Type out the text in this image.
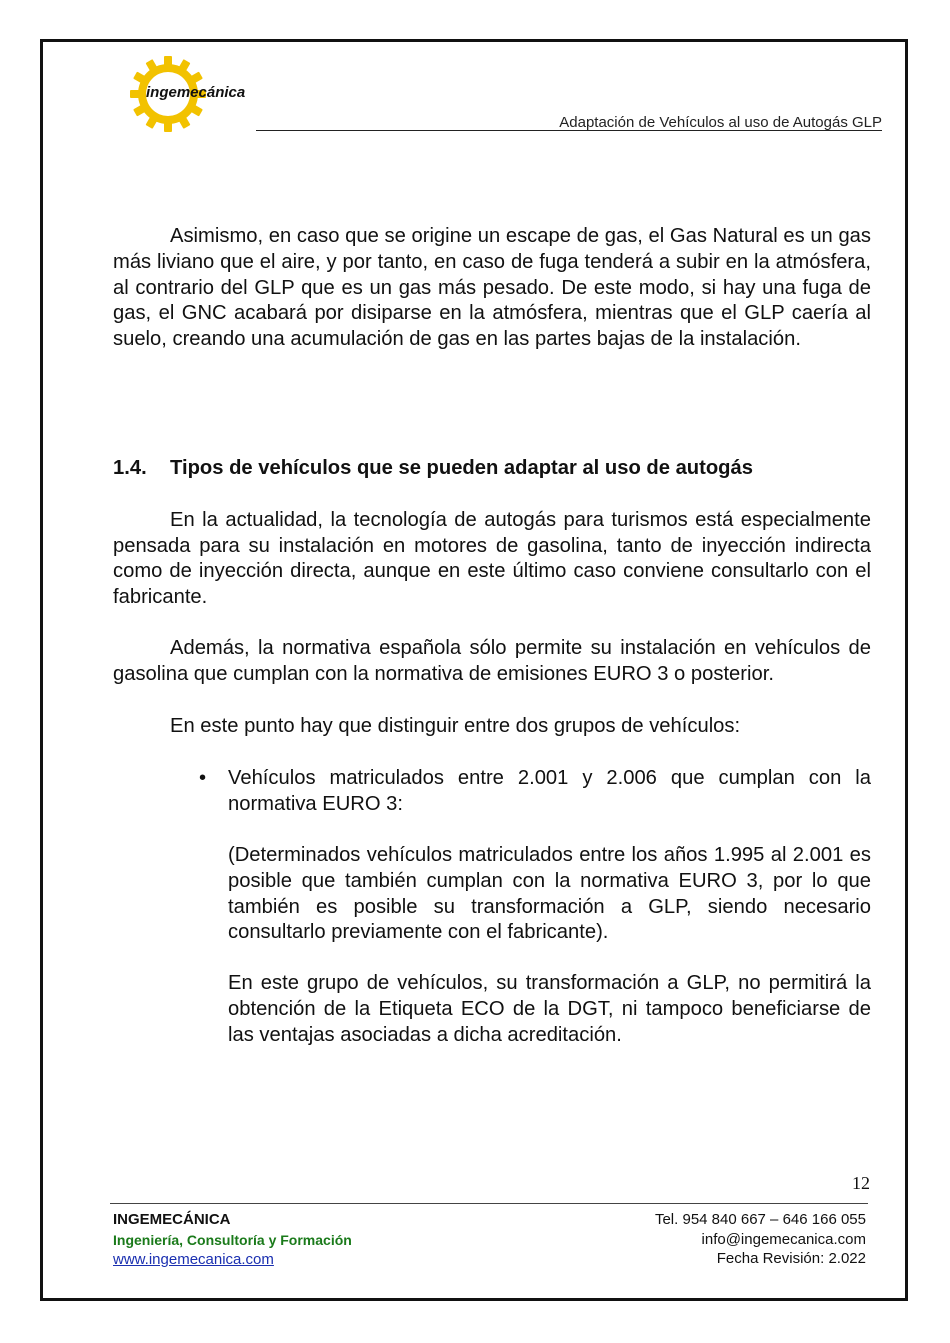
ingemecánica
Adaptación de Vehículos al uso de Autogás GLP

Asimismo, en caso que se origine un escape de gas, el Gas Natural es un gas más liviano que el aire, y por tanto, en caso de fuga tenderá a subir en la atmósfera, al contrario del GLP que es un gas más pesado. De este modo, si hay una fuga de gas, el GNC acabará por disiparse en la atmósfera, mientras que el GLP caería al suelo, creando una acumulación de gas en las partes bajas de la instalación.

1.4. Tipos de vehículos que se pueden adaptar al uso de autogás

En la actualidad, la tecnología de autogás para turismos está especialmente pensada para su instalación en motores de gasolina, tanto de inyección indirecta como de inyección directa, aunque en este último caso conviene consultarlo con el fabricante.

Además, la normativa española sólo permite su instalación en vehículos de gasolina que cumplan con la normativa de emisiones EURO 3 o posterior.

En este punto hay que distinguir entre dos grupos de vehículos:

• Vehículos matriculados entre 2.001 y 2.006 que cumplan con la normativa EURO 3:

(Determinados vehículos matriculados entre los años 1.995 al 2.001 es posible que también cumplan con la normativa EURO 3, por lo que también es posible su transformación a GLP, siendo necesario consultarlo previamente con el fabricante).

En este grupo de vehículos, su transformación a GLP, no permitirá la obtención de la Etiqueta ECO de la DGT, ni tampoco beneficiarse de las ventajas asociadas a dicha acreditación.

12
INGEMECÁNICA
Ingeniería, Consultoría y Formación
www.ingemecanica.com
Tel. 954 840 667 – 646 166 055
info@ingemecanica.com
Fecha Revisión: 2.022
